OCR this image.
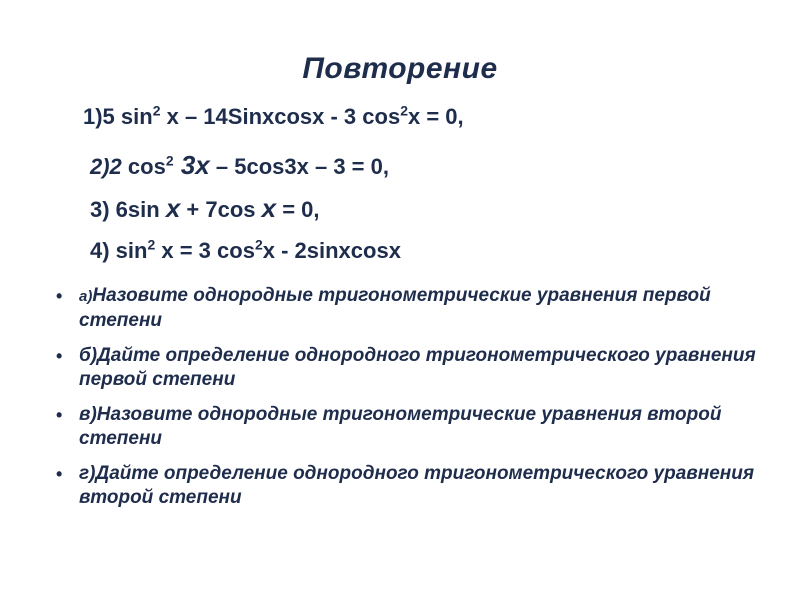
Повторение
1)5 $\sin^2 x$ – 14Sinxcosx - 3 $\cos^2x = 0$,
2)2 $\cos^2 3x - 5\cos 3x - 3 = 0$,
3) 6sin x + 7cos x = 0,
4) $\sin^2 x = 3$ $\cos^2x$ - 2sinxcosx
• а)Назовите однородные тригонометрические уравнения первой степени
• б)Дайте определение однородного тригонометрического уравнения первой степени
• в)Назовите однородные тригонометрические уравнения второй степени
• г)Дайте определение однородного тригонометрического уравнения второй степени
